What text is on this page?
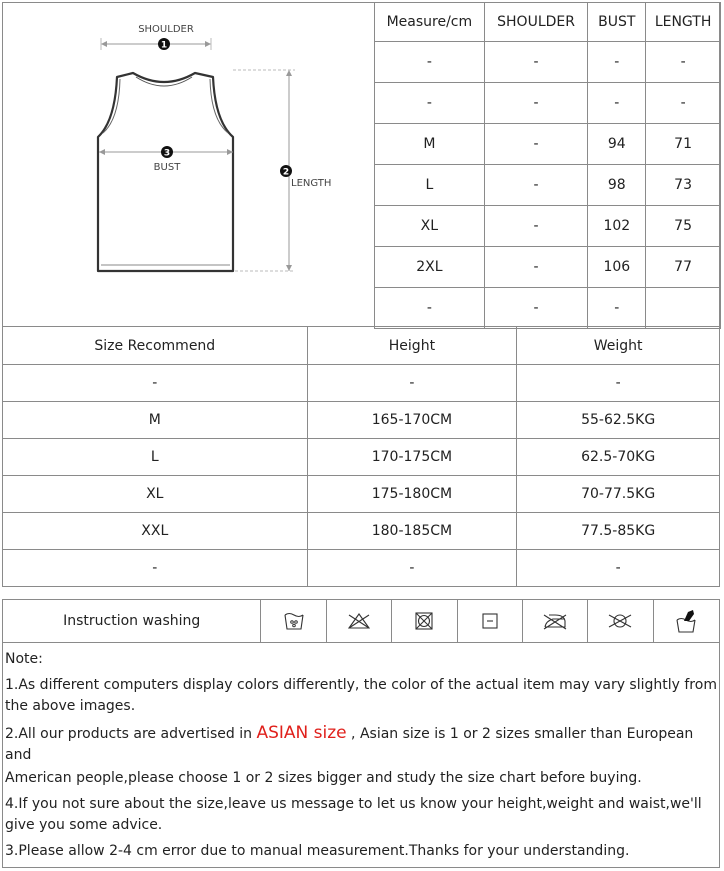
1
SHOULDER
3
BUST	2
LENGTH
Measure/cm	SHOULDER	BUST	LENGTH
-	-	-	-
-	-	-	-
M	-	94	71
L	-	98	73
XL	-	102	75
2XL	-	106	77
-	-	-	
Size Recommend	Height	Weight
-	-	-
M	165-170CM	55-62.5KG
L	170-175CM	62.5-70KG
XL	175-180CM	70-77.5KG
XXL	180-185CM	77.5-85KG
-	-	-
Instruction washing	

Note:

1.As different computers display colors differently, the color of the actual item may vary slightly from the above images.

2.All our products are advertised in ASIAN size , Asian size is 1 or 2 sizes smaller than European and

American people,please choose 1 or 2 sizes bigger and study the size chart before buying.

4.If you not sure about the size,leave us message to let us know your height,weight and waist,we'll give you some advice.

3.Please allow 2-4 cm error due to manual measurement.Thanks for your understanding.
